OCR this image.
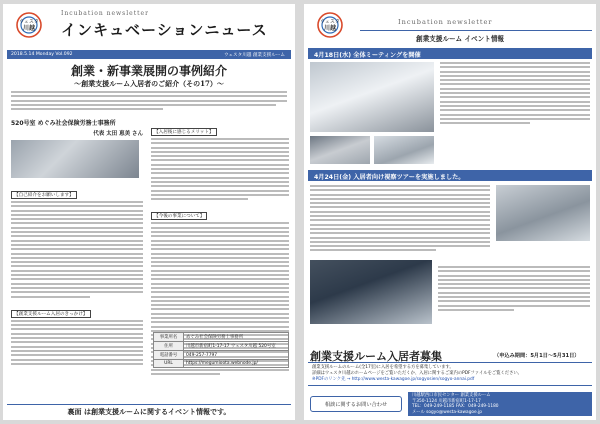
ウェスタ
川越
Incubation newsletter
インキュベーションニュース
2018.5.14 Monday Vol.092	ウェスタ川越 創業支援ルーム
創業・新事業展開の事例紹介
～創業支援ルーム入居者のご紹介（その17）～
520号室 めぐみ社会保険労務士事務所
代表 太田 恵美 さん
【自己紹介をお願いします】
【創業支援ルーム入居のきっかけ】
【入居後に感じるメリット】
【今後の事業について】
事業所名	めぐみ社会保険労務士事務所
住所	川越市新宿町1-17-17 ウェスタ川越 520号室
電話番号	049-257-7797
URL	https://megumioota.webnode.jp/
裏面 は創業支援ルームに関するイベント情報です。
ウェスタ
川越
Incubation newsletter
創業支援ルーム イベント情報
4月18日(水) 全体ミーティングを開催
4月24日(金) 入居者向け視察ツアーを実施しました。
創業支援ルーム入居者募集	（申込み期間：5月1日～5月31日）

創業支援ルームのルーム(全17室)に入居を希望する方を募集しています。

詳細はウェスタ川越のホームページをご覧いただくか、入居に関するご案内のPDFファイルをご覧ください。

※PDFのリンク先 → http://www.westa-kawagoe.jp/sogyosien/sogyo-annai.pdf

相談に関するお問い合わせ
川越駅西口市民センター 創業支援ルーム
〒350-1124 川越市新宿町1-17-17
TEL：049-249-1185 FAX：049-249-1180
メール sogyo@westa-kawagoe.jp
